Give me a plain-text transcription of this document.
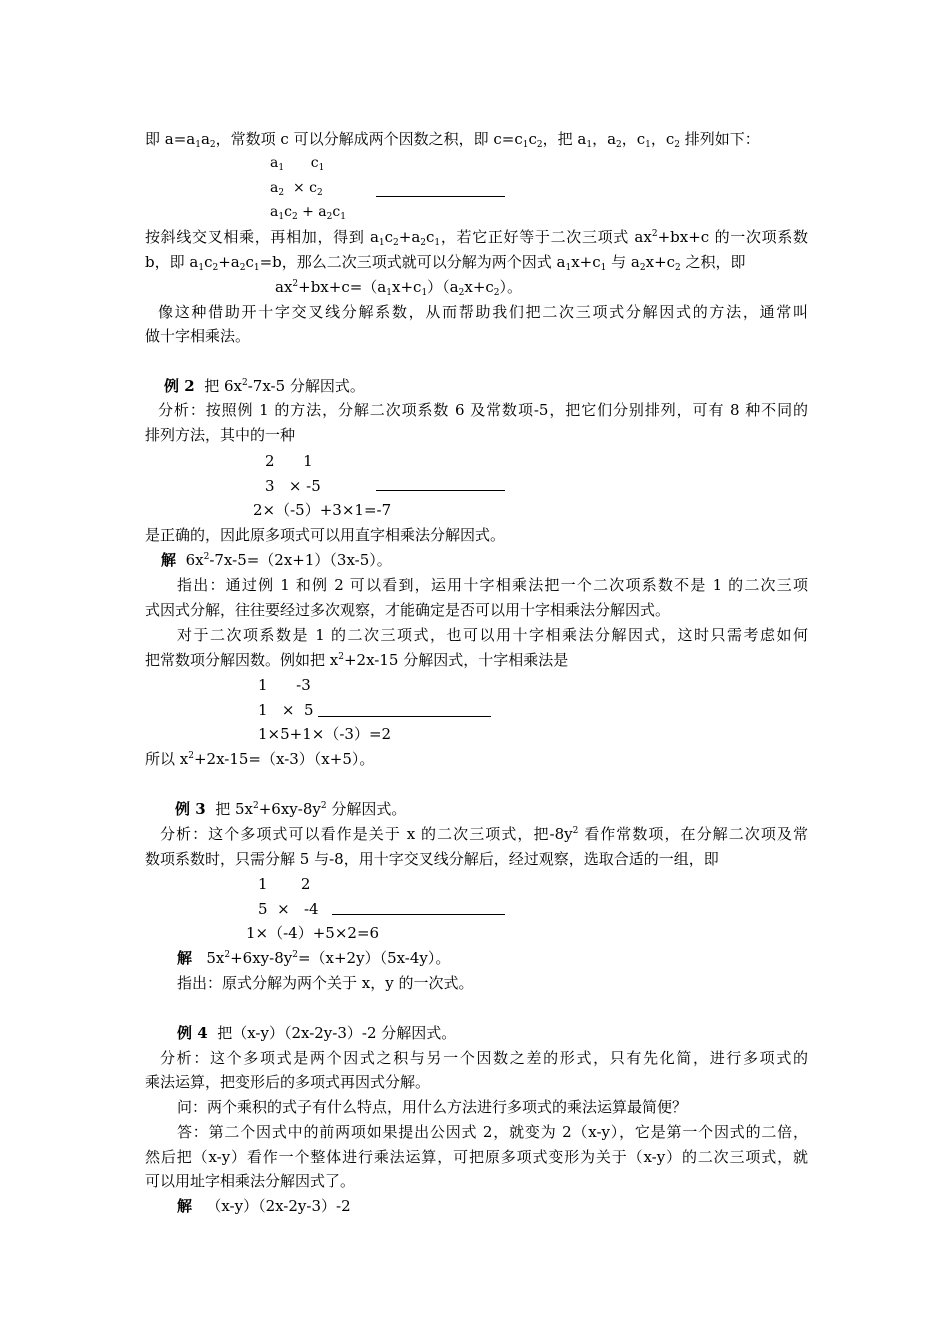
即 $a=a_1a_2$，常数项 c 可以分解成两个因数之积，即 $c=c_1c_2$，把 $a_1$，$a_2$，$c_1$，$c_2$ 排列如下：
$a_1$      $c_1$
$a_2 \times c_2$
$a_1c_2 + a_2c_1$
按斜线交叉相乘，再相加，得到 $a_1c_2+a_2c_1$，若它正好等于二次三项式 $ax^2+bx+c$ 的一次项系数
b，即 $a_1c_2+a_2c_1=b$，那么二次三项式就可以分解为两个因式 $a_1x+c_1$ 与 $a_2x+c_2$ 之积，即
$ax^2+bx+c=(a_1x+c_1)(a_2x+c_2)$。
像这种借助开十字交叉线分解系数，从而帮助我们把二次三项式分解因式的方法，通常叫
做十字相乘法。
例 2 把 $6x^2-7x-5$ 分解因式。
分析：按照例 1 的方法，分解二次项系数 6 及常数项-5，把它们分别排列，可有 8 种不同的
排列方法，其中的一种
2      1
3   × -5
2×（-5）+3×1=-7
是正确的，因此原多项式可以用直字相乘法分解因式。
解 $6x^2-7x-5=(2x+1)(3x-5)$。
指出：通过例 1 和例 2 可以看到，运用十字相乘法把一个二次项系数不是 1 的二次三项
式因式分解，往往要经过多次观察，才能确定是否可以用十字相乘法分解因式。
对于二次项系数是 1 的二次三项式，也可以用十字相乘法分解因式，这时只需考虑如何
把常数项分解因数。例如把 $x^2+2x-15$ 分解因式，十字相乘法是
1      -3
1   ×  5
1×5+1×（-3）=2
所以 $x^2+2x-15=(x-3)(x+5)$。
例 3 把 $5x^2+6xy-8y^2$ 分解因式。
分析：这个多项式可以看作是关于 x 的二次三项式，把$-8y^2$ 看作常数项，在分解二次项及常
数项系数时，只需分解 5 与-8，用十字交叉线分解后，经过观察，选取合适的一组，即
1       2
5  ×   -4
1×（-4）+5×2=6
解 $5x^2+6xy-8y^2=(x+2y)(5x-4y)$。
指出：原式分解为两个关于 x，y 的一次式。
例 4 把（x-y）（2x-2y-3）-2 分解因式。
分析：这个多项式是两个因式之积与另一个因数之差的形式，只有先化简，进行多项式的
乘法运算，把变形后的多项式再因式分解。
问：两个乘积的式子有什么特点，用什么方法进行多项式的乘法运算最简便？
答：第二个因式中的前两项如果提出公因式 2，就变为 2（x-y），它是第一个因式的二倍，
然后把（x-y）看作一个整体进行乘法运算，可把原多项式变形为关于（x-y）的二次三项式，就
可以用址字相乘法分解因式了。
解 （x-y）（2x-2y-3）-2
